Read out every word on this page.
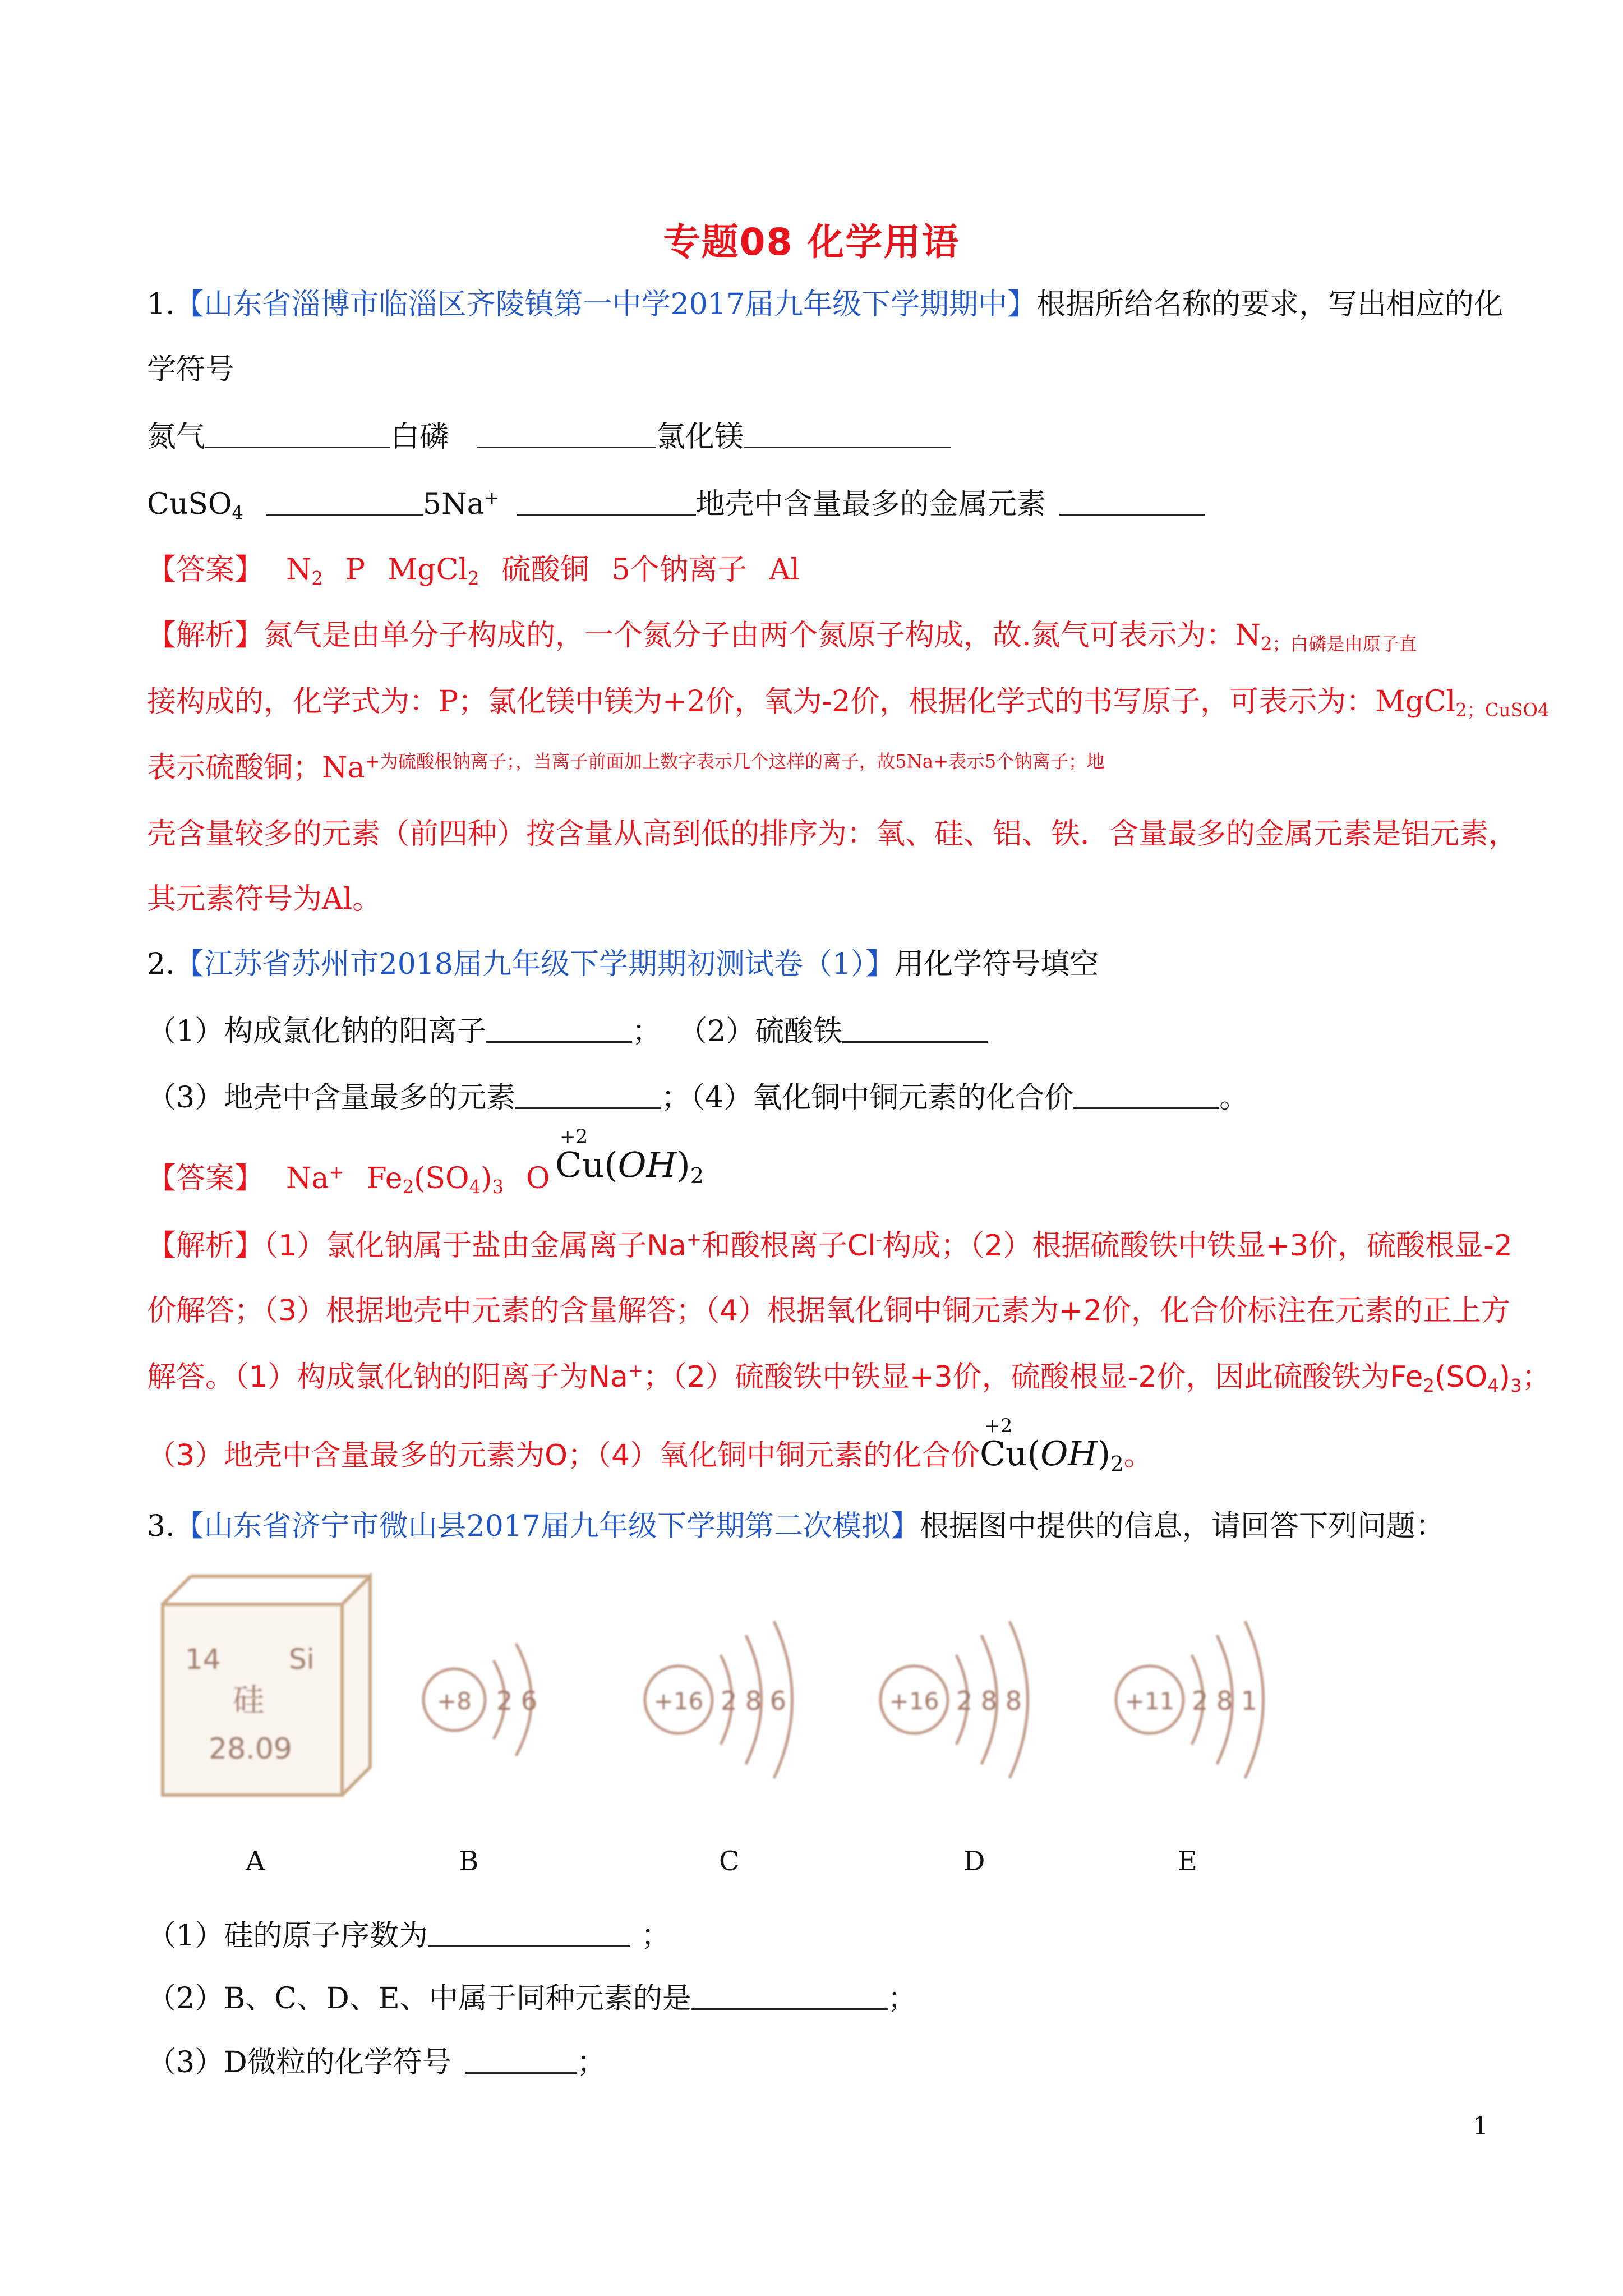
专题08 化学用语
1.【山东省淄博市临淄区齐陵镇第一中学2017届九年级下学期期中】根据所给名称的要求，写出相应的化
学符号
氮气	白磷	氯化镁
CuSO$_4$	5Na+	地壳中含量最多的金属元素
【答案】 $N_2$ P MgCl$_2$ 硫酸铜 5个钠离子 Al
【解析】氮气是由单分子构成的，一个氮分子由两个氮原子构成，故.氮气可表示为：$N_{2;白磷是由原子直}$
接构成的，化学式为：P；氯化镁中镁为+2价，氧为-2价，根据化学式的书写原子，可表示为：MgCl$_{2;CuSO4}$
表示硫酸铜；$Na^{+为硫酸根钠离子;,当离子前面加上数字表示几个这样的离子,故5Na+表示5个钠离子;地}$
壳含量较多的元素（前四种）按含量从高到低的排序为：氧、硅、铝、铁．含量最多的金属元素是铝元素，
其元素符号为Al。
2.【江苏省苏州市2018届九年级下学期期初测试卷（1）】用化学符号填空
（1）构成氯化钠的阳离子	； （2）硫酸铁
（3）地壳中含量最多的元素	；（4）氧化铜中铜元素的化合价	。
【答案】 Na+ $Fe_2(SO_4)_3$ O
+2
$Cu(OH)_2$
【解析】（1）氯化钠属于盐由金属离子Na+和酸根离子Cl-构成；（2）根据硫酸铁中铁显+3价，硫酸根显-2
价解答；（3）根据地壳中元素的含量解答；（4）根据氧化铜中铜元素为+2价，化合价标注在元素的正上方
解答。（1）构成氯化钠的阳离子为Na+；（2）硫酸铁中铁显+3价，硫酸根显-2价，因此硫酸铁为$Fe_2(SO_4)_3$；
（3）地壳中含量最多的元素为O；（4）氧化铜中铜元素的化合价
+2
$Cu(OH)_2$。
3.【山东省济宁市微山县2017届九年级下学期第二次模拟】根据图中提供的信息，请回答下列问题：
14 Si
硅
28.09
+8 2 6	+16 2 8 6	+16 2 8 8	+11 2 8 1
A	B	C	D	E
（1）硅的原子序数为	；
（2）B、C、D、E、中属于同种元素的是	；
（3）D微粒的化学符号	；
1
